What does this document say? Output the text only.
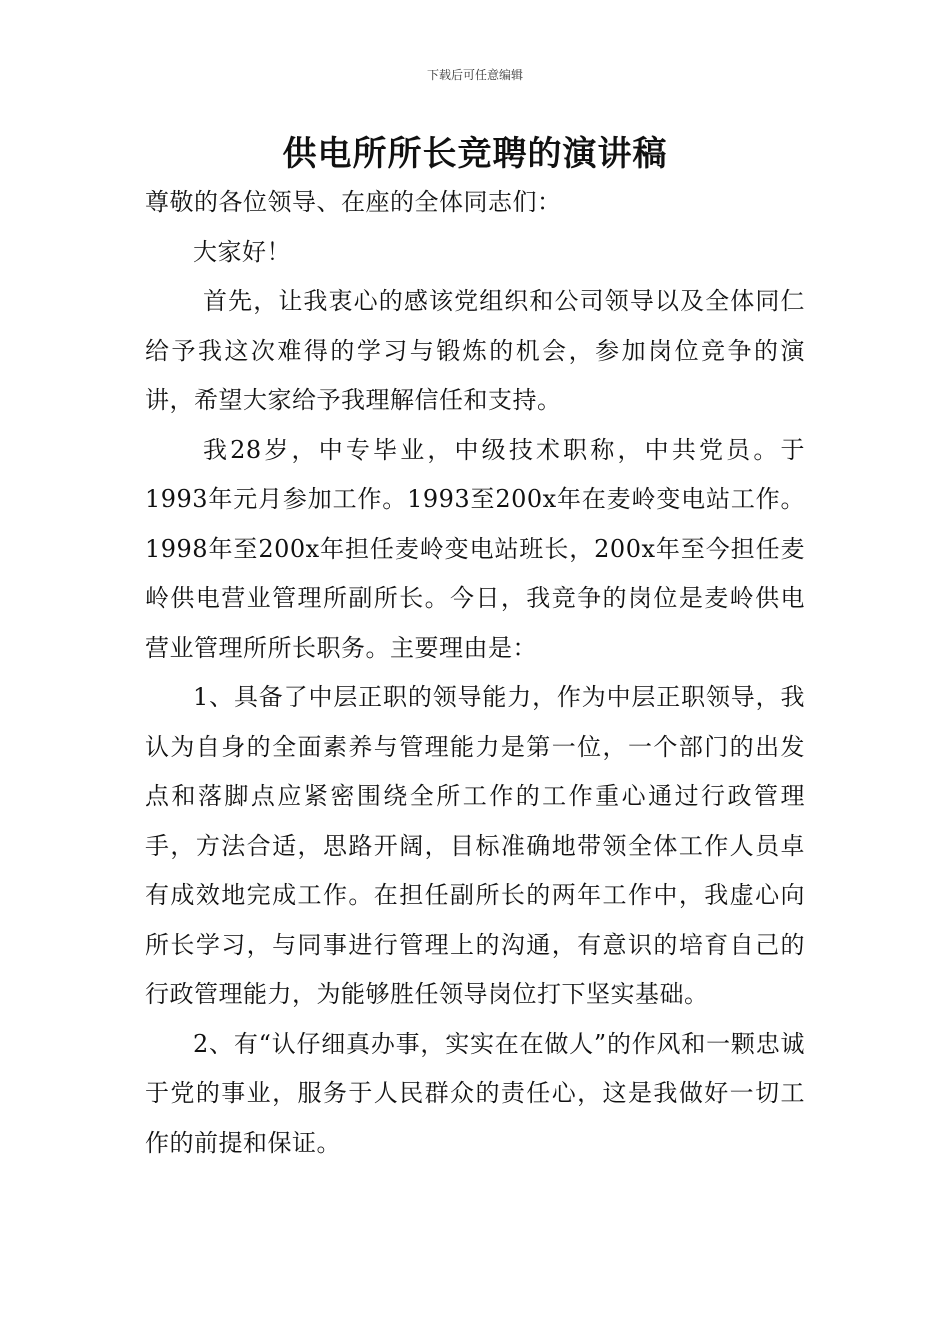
下载后可任意编辑
供电所所长竞聘的演讲稿

尊敬的各位领导、在座的全体同志们：

大家好！

首先，让我衷心的感该党组织和公司领导以及全体同仁给予我这次难得的学习与锻炼的机会，参加岗位竞争的演讲，希望大家给予我理解信任和支持。

我28岁，中专毕业，中级技术职称，中共党员。于1993年元月参加工作。1993至200x年在麦岭变电站工作。1998年至200x年担任麦岭变电站班长，200x年至今担任麦岭供电营业管理所副所长。今日，我竞争的岗位是麦岭供电营业管理所所长职务。主要理由是：

1、具备了中层正职的领导能力，作为中层正职领导，我认为自身的全面素养与管理能力是第一位，一个部门的出发点和落脚点应紧密围绕全所工作的工作重心通过行政管理手，方法合适，思路开阔，目标准确地带领全体工作人员卓有成效地完成工作。在担任副所长的两年工作中，我虚心向所长学习，与同事进行管理上的沟通，有意识的培育自己的行政管理能力，为能够胜任领导岗位打下坚实基础。

2、有“认仔细真办事，实实在在做人”的作风和一颗忠诚于党的事业，服务于人民群众的责任心，这是我做好一切工作的前提和保证。
